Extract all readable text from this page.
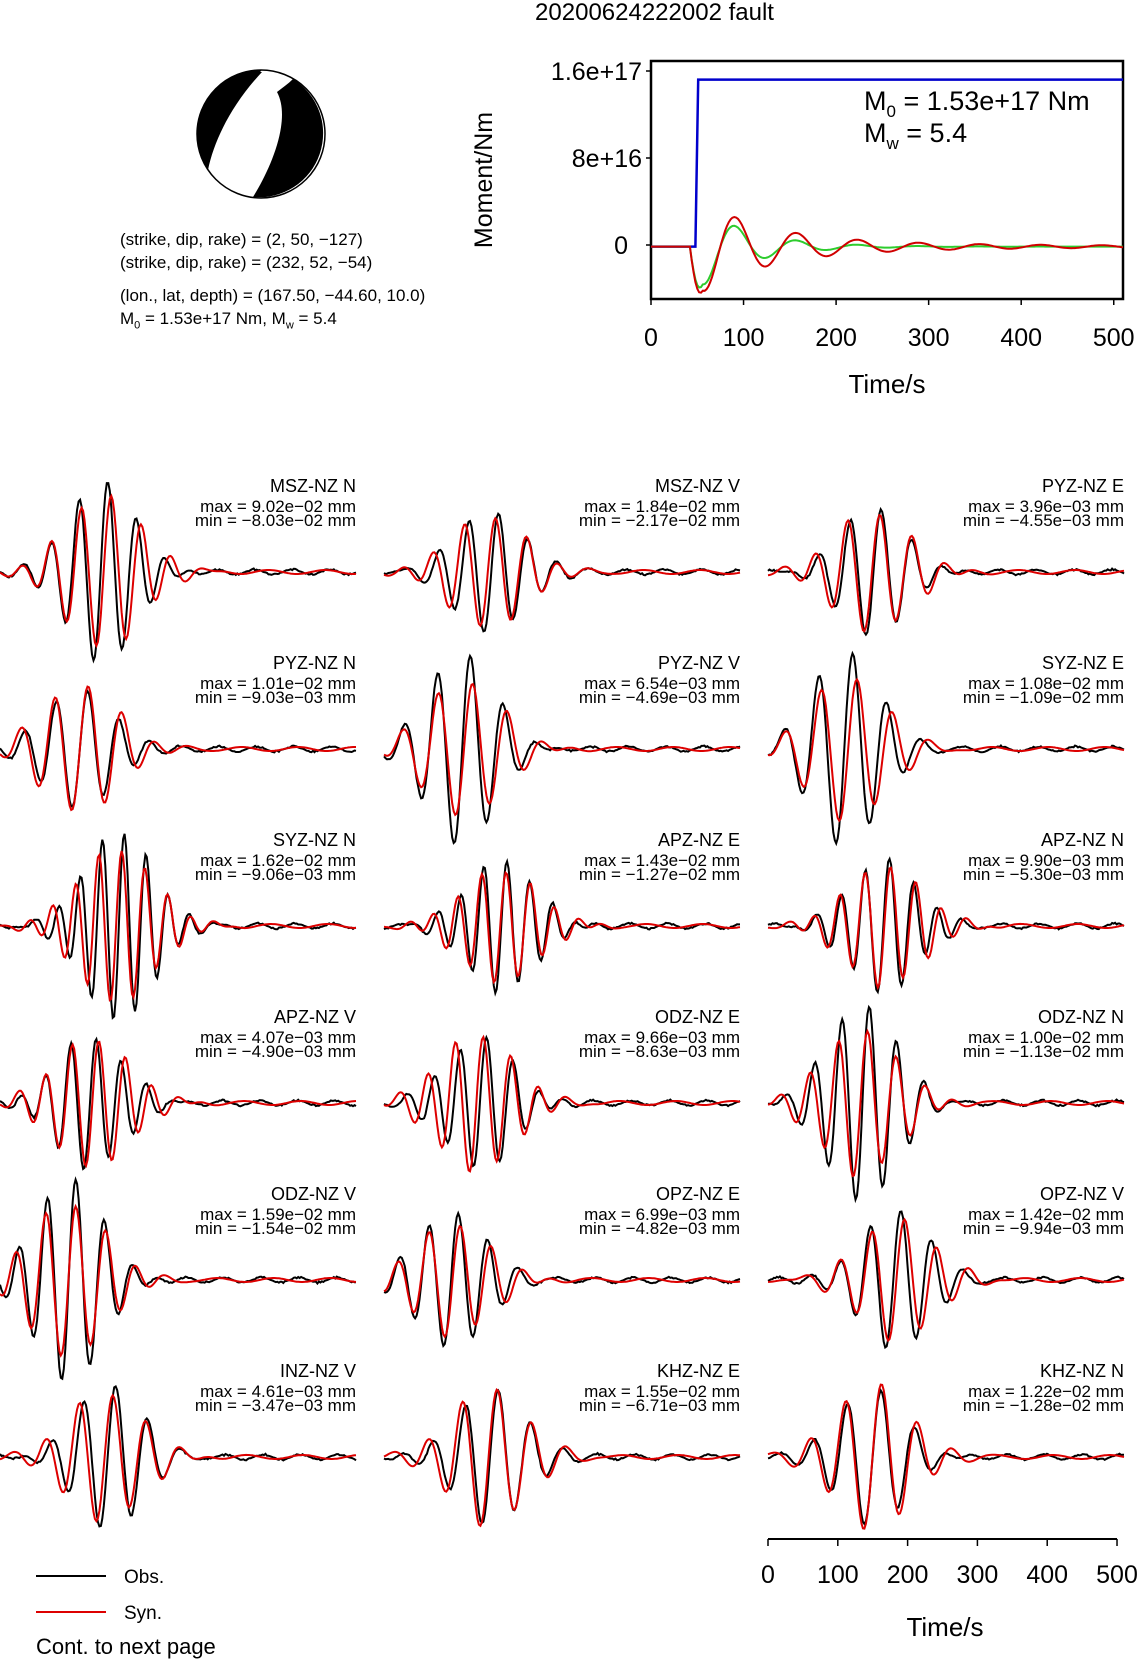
20200624222002 fault
(strike, dip, rake) = (2, 50, −127)
(strike, dip, rake) = (232, 52, −54)
(lon., lat, depth) = (167.50, −44.60, 10.0)
$M_0 = 1.53e+17$ Nm, $M_w = 5.4$
1.6e+17
8e+16
0
Moment/Nm
0	100 200 300 400 500
Time/s
$M_0 = 1.53e+17$ Nm
$M_w = 5.4$
MSZ-NZ N
max = 9.02e−02 mm
min = −8.03e−02 mm
MSZ-NZ V
max = 1.84e−02 mm
min = −2.17e−02 mm
PYZ-NZ E
max = 3.96e−03 mm
min = −4.55e−03 mm
PYZ-NZ N
max = 1.01e−02 mm
min = −9.03e−03 mm
PYZ-NZ V
max = 6.54e−03 mm
min = −4.69e−03 mm
SYZ-NZ E
max = 1.08e−02 mm
min = −1.09e−02 mm
SYZ-NZ N
max = 1.62e−02 mm
min = −9.06e−03 mm
APZ-NZ E
max = 1.43e−02 mm
min = −1.27e−02 mm
APZ-NZ N
max = 9.90e−03 mm
min = −5.30e−03 mm
APZ-NZ V
max = 4.07e−03 mm
min = −4.90e−03 mm
ODZ-NZ E
max = 9.66e−03 mm
min = −8.63e−03 mm
ODZ-NZ N
max = 1.00e−02 mm
min = −1.13e−02 mm
ODZ-NZ V
max = 1.59e−02 mm
min = −1.54e−02 mm
OPZ-NZ E
max = 6.99e−03 mm
min = −4.82e−03 mm
OPZ-NZ V
max = 1.42e−02 mm
min = −9.94e−03 mm
INZ-NZ V
max = 4.61e−03 mm
min = −3.47e−03 mm
KHZ-NZ E
max = 1.55e−02 mm
min = −6.71e−03 mm
KHZ-NZ N
max = 1.22e−02 mm
min = −1.28e−02 mm
Time/s
0 100 200 300 400 500
Obs.
Syn.
Cont. to next page
